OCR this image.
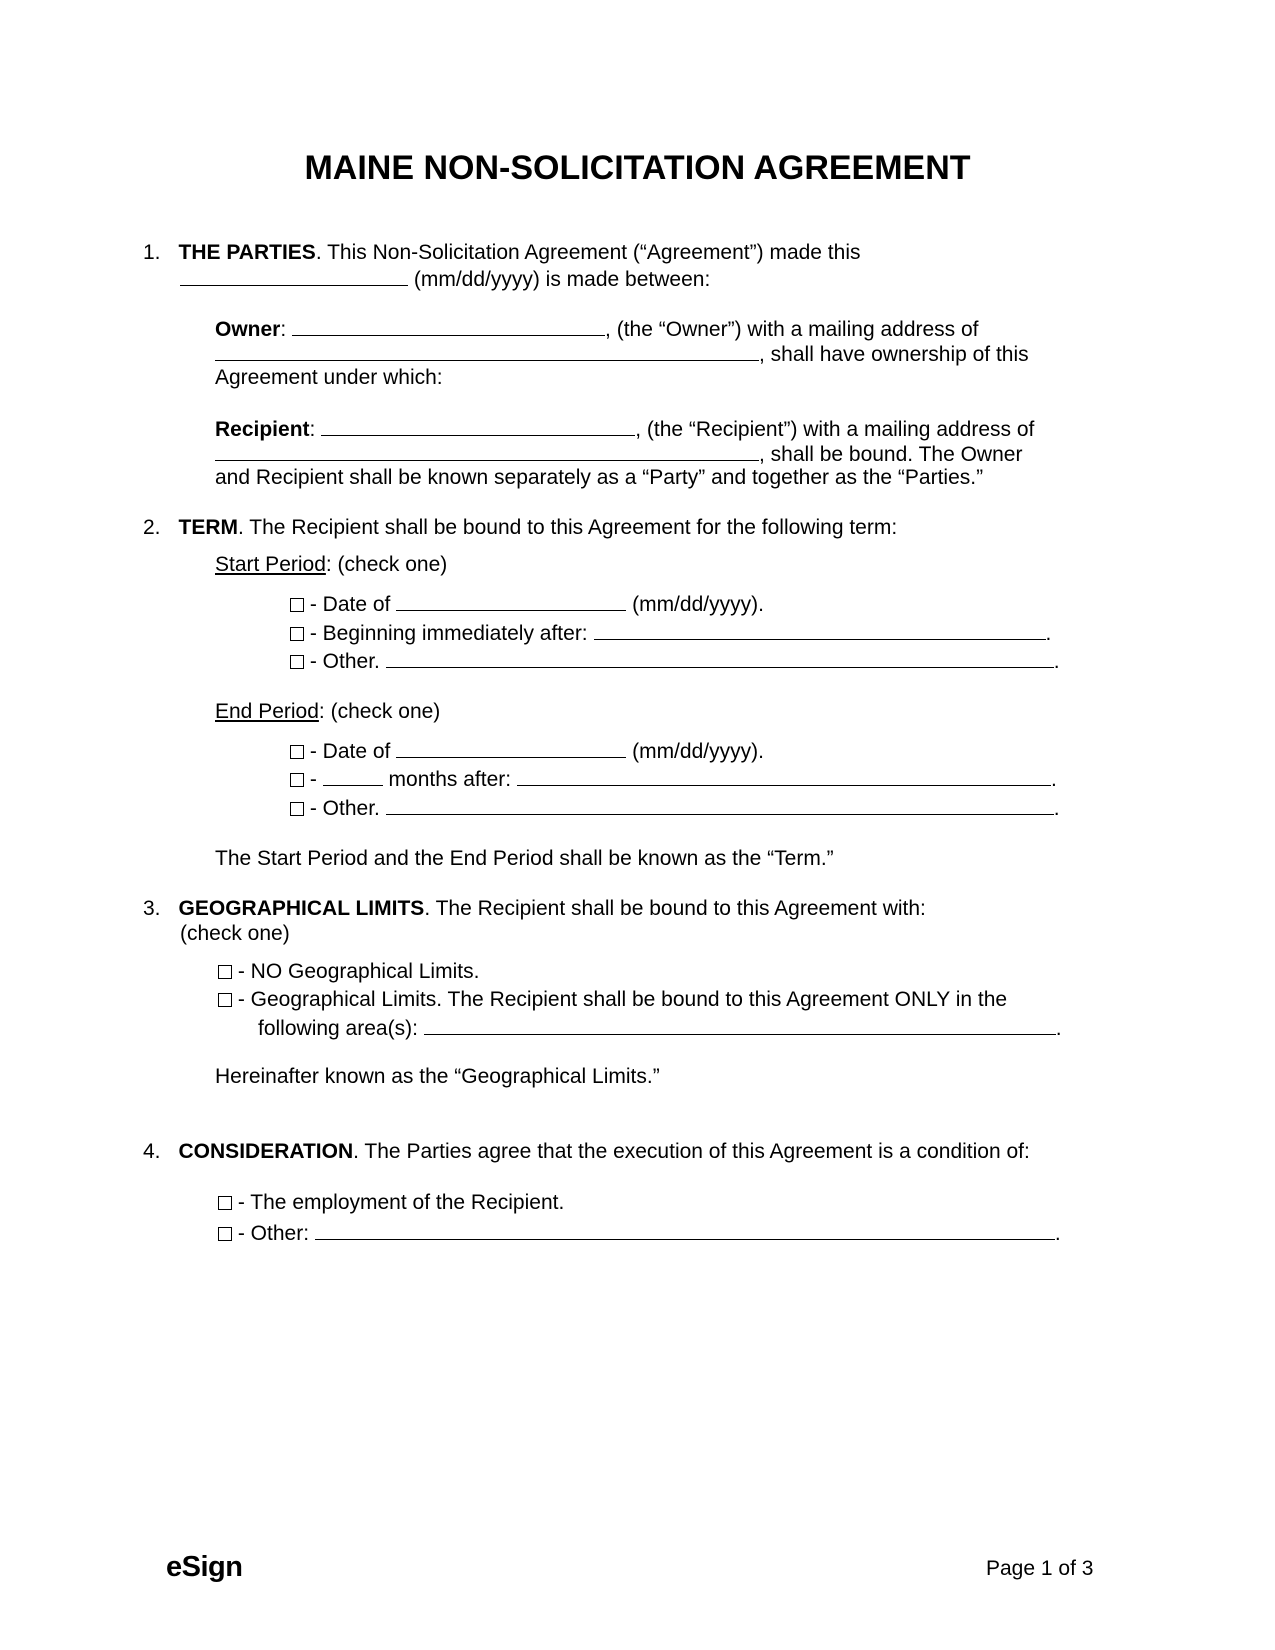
MAINE NON-SOLICITATION AGREEMENT
1. THE PARTIES. This Non-Solicitation Agreement (“Agreement”) made this
(mm/dd/yyyy) is made between:
Owner:	, (the “Owner”) with a mailing address of
, shall have ownership of this
Agreement under which:
Recipient:	, (the “Recipient”) with a mailing address of
, shall be bound. The Owner
and Recipient shall be known separately as a “Party” and together as the “Parties.”
2. TERM. The Recipient shall be bound to this Agreement for the following term:
Start Period: (check one)
- Date of	(mm/dd/yyyy).
- Beginning immediately after:	.
- Other.	.
End Period: (check one)
- Date of	(mm/dd/yyyy).
-	months after:	.
- Other.	.
The Start Period and the End Period shall be known as the “Term.”
3. GEOGRAPHICAL LIMITS. The Recipient shall be bound to this Agreement with:
(check one)
- NO Geographical Limits.
- Geographical Limits. The Recipient shall be bound to this Agreement ONLY in the
following area(s):	.
Hereinafter known as the “Geographical Limits.”
4. CONSIDERATION. The Parties agree that the execution of this Agreement is a condition of:
- The employment of the Recipient.
- Other:	.
eSign	Page 1 of 3
